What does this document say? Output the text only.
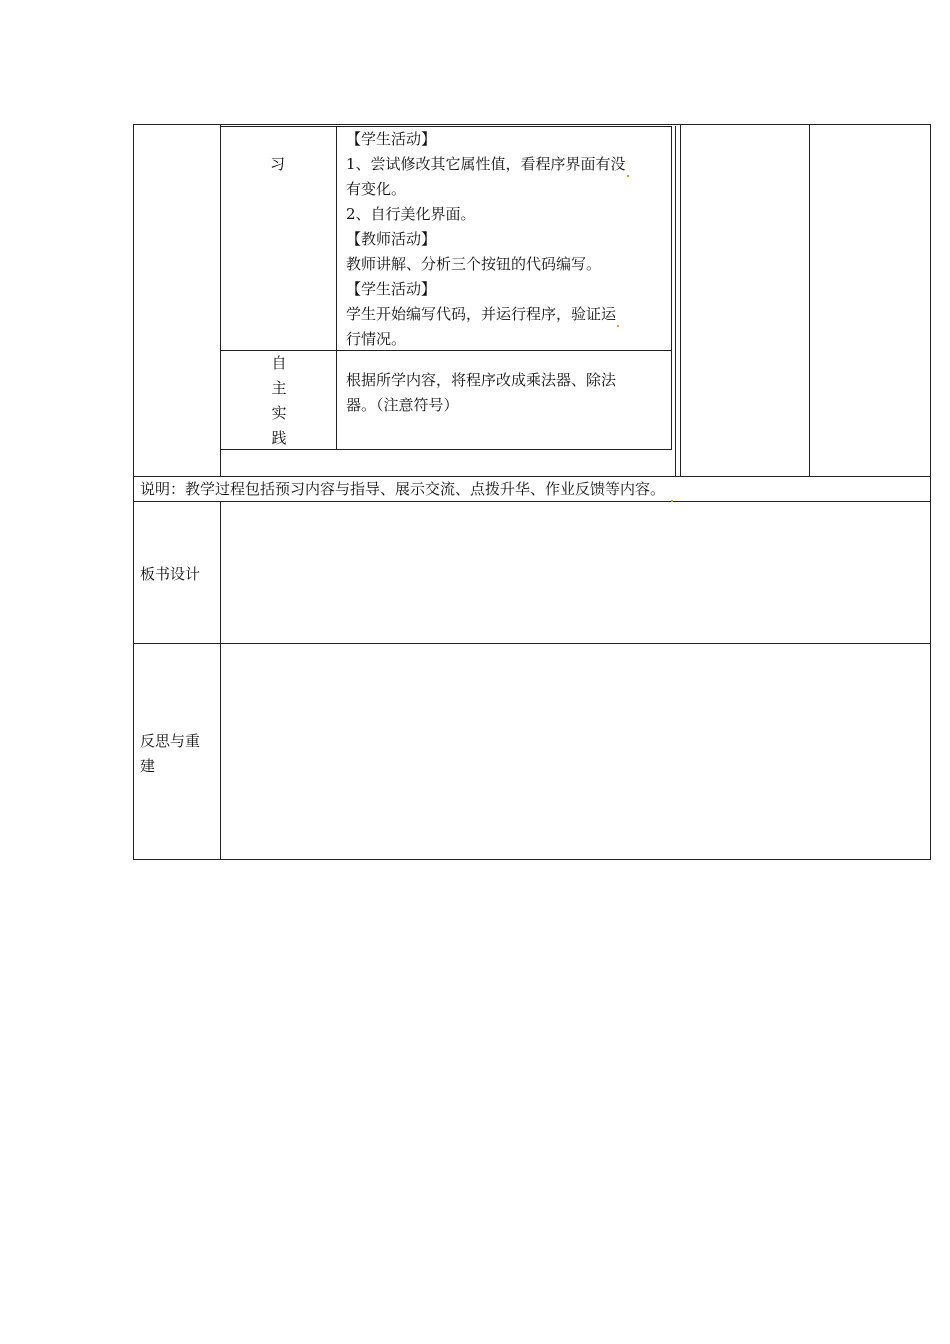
习
【学生活动】
1、尝试修改其它属性值，看程序界面有没
有变化。
2、自行美化界面。
【教师活动】
教师讲解、分析三个按钮的代码编写。
【学生活动】
学生开始编写代码，并运行程序，验证运
行情况。
自
主
实
践
根据所学内容，将程序改成乘法器、除法
器。（注意符号）
说明：教学过程包括预习内容与指导、展示交流、点拨升华、作业反馈等内容。
板书设计
反思与重
建
